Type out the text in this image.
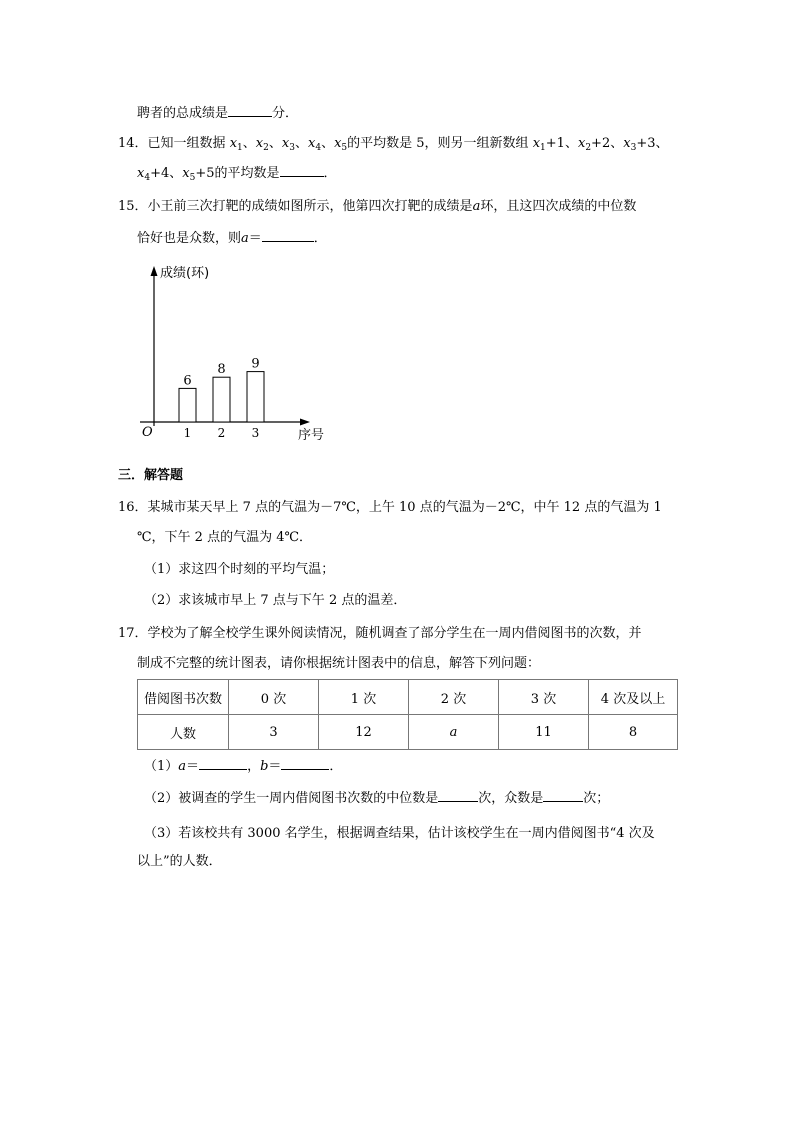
聘者的总成绩是	分．
14．已知一组数据 $x_1$、$x_2$、$x_3$、$x_4$、$x_5$的平均数是 5，则另一组新数组 $x_1+1$、$x_2+2$、$x_3+3$、
$x_4+4$、$x_5+5$的平均数是	．
15．小王前三次打靶的成绩如图所示，他第四次打靶的成绩是a环，且这四次成绩的中位数
恰好也是众数，则a＝	．
成绩(环)
序号
O
6
1
8
2
9
3
三．解答题
16．某城市某天早上 7 点的气温为－7℃，上午 10 点的气温为－2℃，中午 12 点的气温为 1
℃，下午 2 点的气温为 4℃．
（1）求这四个时刻的平均气温；
（2）求该城市早上 7 点与下午 2 点的温差．
17．学校为了解全校学生课外阅读情况，随机调查了部分学生在一周内借阅图书的次数，并
制成不完整的统计图表，请你根据统计图表中的信息，解答下列问题：
借阅图书次数	0 次	1 次	2 次	3 次	4 次及以上
人数	3	12	a	11	8
（1）a＝	，b＝	．
（2）被调查的学生一周内借阅图书次数的中位数是	次，众数是	次；
（3）若该校共有 3000 名学生，根据调查结果，估计该校学生在一周内借阅图书“4 次及
以上”的人数．
